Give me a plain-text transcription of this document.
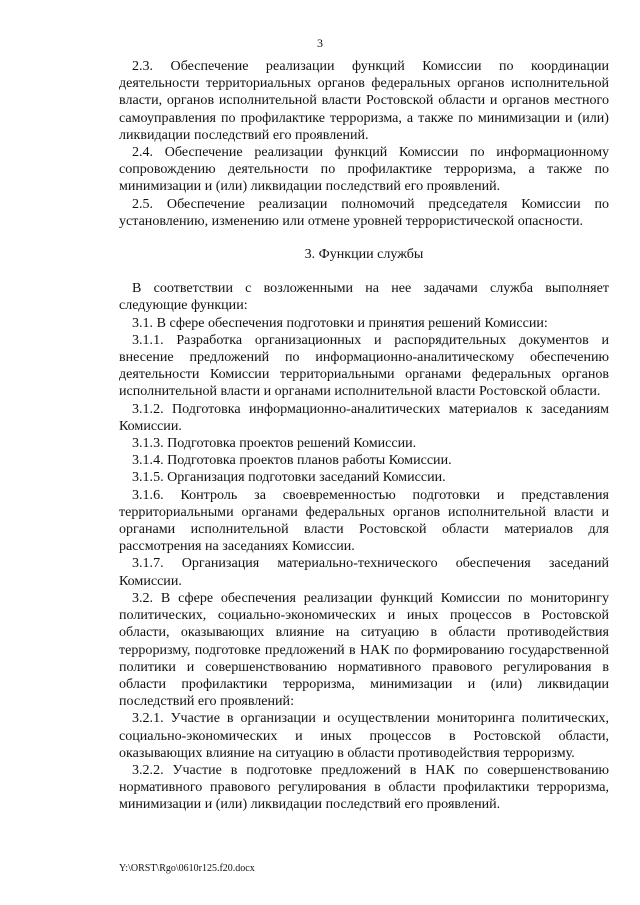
3

2.3. Обеспечение реализации функций Комиссии по координации деятельности территориальных органов федеральных органов исполнительной власти, органов исполнительной власти Ростовской области и органов местного самоуправления по профилактике терроризма, а также по минимизации и (или) ликвидации последствий его проявлений.

2.4. Обеспечение реализации функций Комиссии по информационному сопровождению деятельности по профилактике терроризма, а также по минимизации и (или) ликвидации последствий его проявлений.

2.5. Обеспечение реализации полномочий председателя Комиссии по установлению, изменению или отмене уровней террористической опасности.

3. Функции службы

В соответствии с возложенными на нее задачами служба выполняет следующие функции:

3.1. В сфере обеспечения подготовки и принятия решений Комиссии:

3.1.1. Разработка организационных и распорядительных документов и внесение предложений по информационно-аналитическому обеспечению деятельности Комиссии территориальными органами федеральных органов исполнительной власти и органами исполнительной власти Ростовской области.

3.1.2. Подготовка информационно-аналитических материалов к заседаниям Комиссии.

3.1.3. Подготовка проектов решений Комиссии.

3.1.4. Подготовка проектов планов работы Комиссии.

3.1.5. Организация подготовки заседаний Комиссии.

3.1.6. Контроль за своевременностью подготовки и представления территориальными органами федеральных органов исполнительной власти и органами исполнительной власти Ростовской области материалов для рассмотрения на заседаниях Комиссии.

3.1.7. Организация материально-технического обеспечения заседаний Комиссии.

3.2. В сфере обеспечения реализации функций Комиссии по мониторингу политических, социально-экономических и иных процессов в Ростовской области, оказывающих влияние на ситуацию в области противодействия терроризму, подготовке предложений в НАК по формированию государственной политики и совершенствованию нормативного правового регулирования в области профилактики терроризма, минимизации и (или) ликвидации последствий его проявлений:

3.2.1. Участие в организации и осуществлении мониторинга политических, социально-экономических и иных процессов в Ростовской области, оказывающих влияние на ситуацию в области противодействия терроризму.

3.2.2. Участие в подготовке предложений в НАК по совершенствованию нормативного правового регулирования в области профилактики терроризма, минимизации и (или) ликвидации последствий его проявлений.

Y:\ORST\Rgo\0610r125.f20.docx
